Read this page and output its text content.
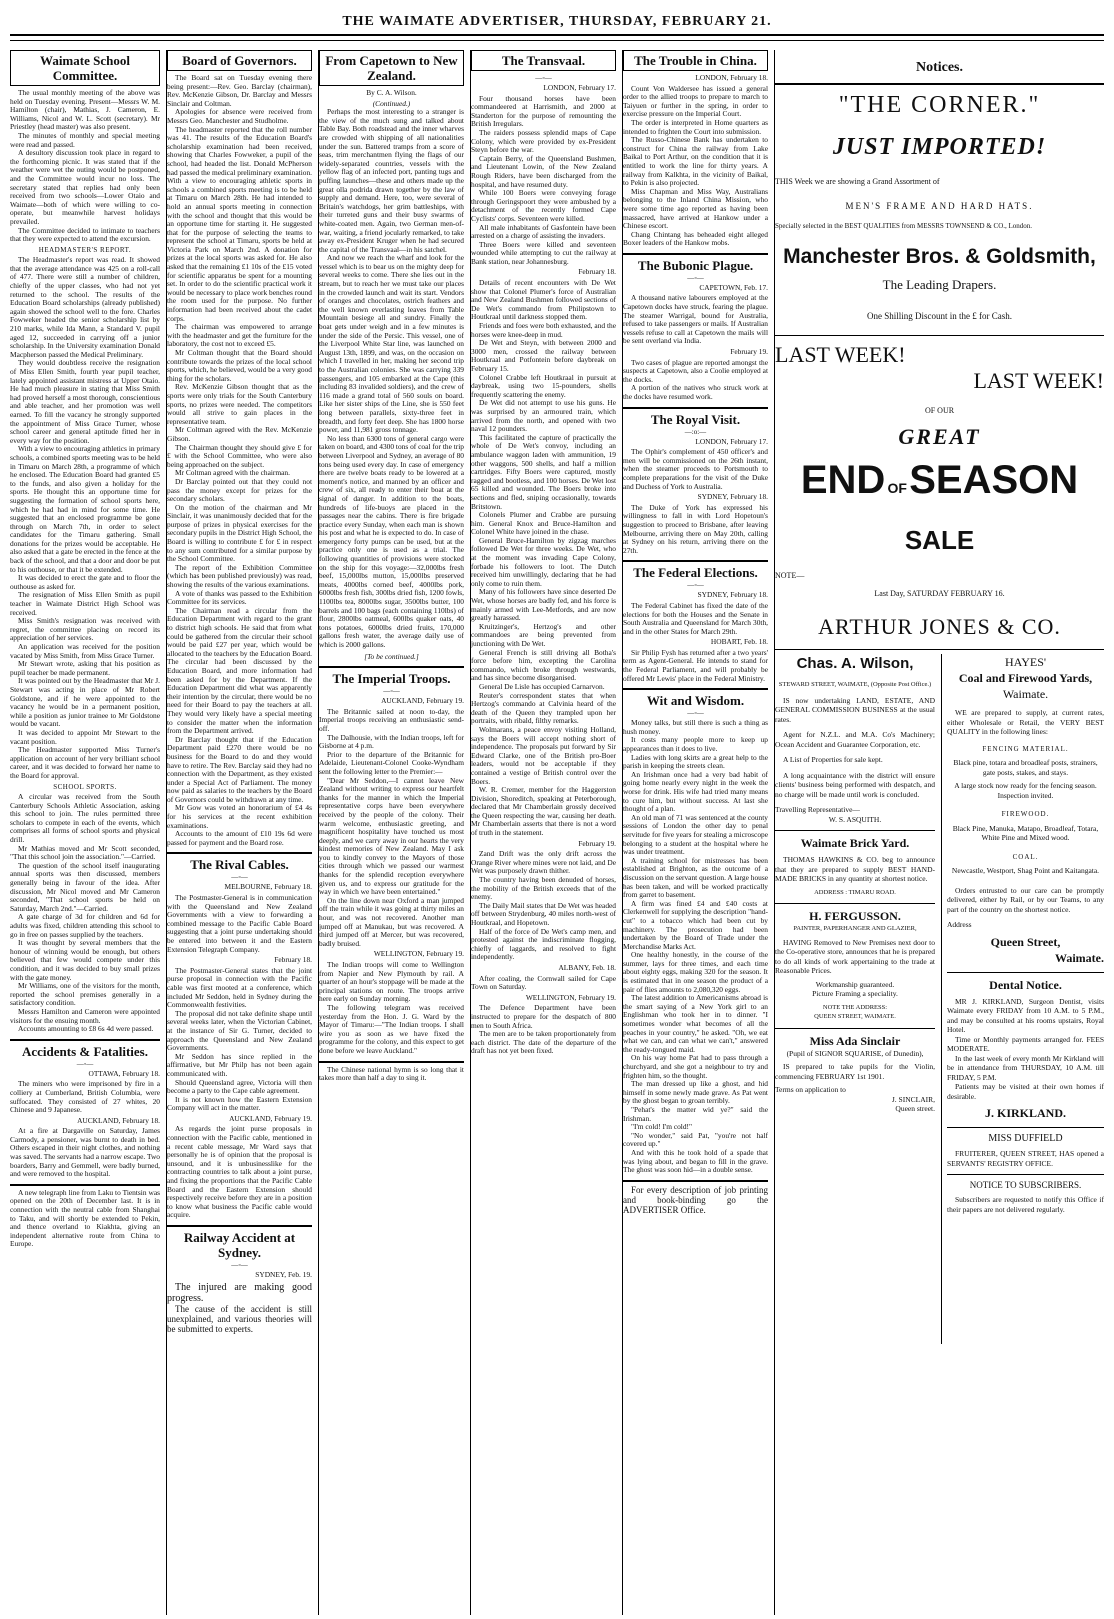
THE WAIMATE ADVERTISER, THURSDAY, FEBRUARY 21.
Waimate School Committee.

The usual monthly meeting of the above was held on Tuesday evening. Present—Messrs W. M. Hamilton (chair), Mathias, J. Cameron, E. Williams, Nicol and W. L. Scott (secretary). Mr Priestley (head master) was also present.

The minutes of monthly and special meeting were read and passed.

A desultory discussion took place in regard to the forthcoming picnic. It was stated that if the weather were wet the outing would be postponed, and the Committee would incur no loss. The secretary stated that replies had only been received from two schools—Lower Otaio and Waimate—both of which were willing to co-operate, but meanwhile harvest holidays prevailed.

The Committee decided to intimate to teachers that they were expected to attend the excursion.

HEADMASTER'S REPORT.

The Headmaster's report was read. It showed that the average attendance was 425 on a roll-call of 477. There were still a number of children, chiefly of the upper classes, who had not yet returned to the school. The results of the Education Board scholarships (already published) again showed the school well to the fore. Charles Fowweker headed the senior scholarship list by 210 marks, while Ida Mann, a Standard V. pupil aged 12, succeeded in carrying off a junior scholarship. In the University examination Donald Macpherson passed the Medical Preliminary.

They would doubtless receive the resignation of Miss Ellen Smith, fourth year pupil teacher, lately appointed assistant mistress at Upper Otaio. He had much pleasure in stating that Miss Smith had proved herself a most thorough, conscientious and able teacher, and her promotion was well earned. To fill the vacancy he strongly supported the appointment of Miss Grace Turner, whose school career and general aptitude fitted her in every way for the position.

With a view to encouraging athletics in primary schools, a combined sports meeting was to be held in Timaru on March 28th, a programme of which he enclosed. The Education Board had granted £5 to the funds, and also given a holiday for the sports. He thought this an opportune time for suggesting the formation of school sports here, which he had had in mind for some time. He suggested that an enclosed programme be gone through on March 7th, in order to select candidates for the Timaru gathering. Small donations for the prizes would be acceptable. He also asked that a gate be erected in the fence at the back of the school, and that a door and door be put to his outhouse, or that it be extended.

It was decided to erect the gate and to floor the outhouse as asked for.

The resignation of Miss Ellen Smith as pupil teacher in Waimate District High School was received.

Miss Smith's resignation was received with regret, the committee placing on record its appreciation of her services.

An application was received for the position vacated by Miss Smith, from Miss Grace Turner.

Mr Stewart wrote, asking that his position as pupil teacher be made permanent.

It was pointed out by the Headmaster that Mr J. Stewart was acting in place of Mr Robert Goldstone, and if he were appointed to the vacancy he would be in a permanent position, while a position as junior trainee to Mr Goldstone would be vacant.

It was decided to appoint Mr Stewart to the vacant position.

The Headmaster supported Miss Turner's application on account of her very brilliant school career, and it was decided to forward her name to the Board for approval.

SCHOOL SPORTS.

A circular was received from the South Canterbury Schools Athletic Association, asking this school to join. The rules permitted three scholars to compete in each of the events, which comprises all forms of school sports and physical drill.

Mr Mathias moved and Mr Scott seconded, "That this school join the association."—Carried.

The question of the school itself inaugurating annual sports was then discussed, members generally being in favour of the idea. After discussion, Mr Nicol moved and Mr Cameron seconded, "That school sports be held on Saturday, March 2nd."—Carried.

A gate charge of 3d for children and 6d for adults was fixed, children attending this school to go in free on passes supplied by the teachers.

It was thought by several members that the honour of winning would be enough, but others believed that few would compete under this condition, and it was decided to buy small prizes with the gate money.

Mr Williams, one of the visitors for the month, reported the school premises generally in a satisfactory condition.

Messrs Hamilton and Cameron were appointed visitors for the ensuing month.

Accounts amounting to £8 6s 4d were passed.

Accidents & Fatalities.
—◦—
OTTAWA, February 18.

The miners who were imprisoned by fire in a colliery at Cumberland, British Columbia, were suffocated. They consisted of 27 whites, 20 Chinese and 9 Japanese.

AUCKLAND, February 18.

At a fire at Dargaville on Saturday, James Carmody, a pensioner, was burnt to death in bed. Others escaped in their night clothes, and nothing was saved. The servants had a narrow escape. Two boarders, Barry and Gemmell, were badly burned, and were removed to the hospital.

A new telegraph line from Laku to Tientsin was opened on the 20th of December last. It is in connection with the neutral cable from Shanghai to Taku, and will shortly be extended to Pekin, and thence overland to Kiakhta, giving an independent alternative route from China to Europe.

Board of Governors.

The Board sat on Tuesday evening there being present:—Rev. Geo. Barclay (chairman), Rev. McKenzie Gibson, Dr. Barclay and Messrs Sinclair and Coltman.

Apologies for absence were received from Messrs Geo. Manchester and Studholme.

The headmaster reported that the roll number was 41. The results of the Education Board's scholarship examination had been received, showing that Charles Fowweker, a pupil of the school, had headed the list. Donald McPherson had passed the medical preliminary examination. With a view to encouraging athletic sports in schools a combined sports meeting is to be held at Timaru on March 28th. He had intended to hold an annual sports meeting in connection with the school and thought that this would be an opportune time for starting it. He suggested that for the purpose of selecting the teams to represent the school at Timaru, sports be held at Victoria Park on March 2nd. A donation for prizes at the local sports was asked for. He also asked that the remaining £1 10s of the £15 voted for scientific apparatus be spent for a mounting set. In order to do the scientific practical work it would be necessary to place work benches round the room used for the purpose. No further information had been received about the cadet corps.

The chairman was empowered to arrange with the headmaster and get the furniture for the laboratory, the cost not to exceed £5.

Mr Coltman thought that the Board should contribute towards the prizes of the local school sports, which, he believed, would be a very good thing for the scholars.

Rev. McKenzie Gibson thought that as the sports were only trials for the South Canterbury sports, no prizes were needed. The competitors would all strive to gain places in the representative team.

Mr Coltman agreed with the Rev. McKenzie Gibson.

The Chairman thought they should give £ for £ with the School Committee, who were also being approached on the subject.

Mr Coltman agreed with the chairman.

Dr Barclay pointed out that they could not pass the money except for prizes for the secondary scholars.

On the motion of the chairman and Mr Sinclair, it was unanimously decided that for the purpose of prizes in physical exercises for the secondary pupils in the District High School, the Board is willing to contribute £ for £ in respect to any sum contributed for a similar purpose by the School Committee.

The report of the Exhibition Committee (which has been published previously) was read, showing the results of the various examinations.

A vote of thanks was passed to the Exhibition Committee for its services.

The Chairman read a circular from the Education Department with regard to the grant to district high schools. He said that from what could be gathered from the circular their school would be paid £27 per year, which would be allocated to the teachers by the Education Board. The circular had been discussed by the Education Board, and more information had been asked for by the Department. If the Education Department did what was apparently their intention by the circular, there would be no need for their Board to pay the teachers at all. They would very likely have a special meeting to consider the matter when the information from the Department arrived.

Dr Barclay thought that if the Education Department paid £270 there would be no business for the Board to do and they would have to retire. The Rev. Barclay said they had no connection with the Department, as they existed under a Special Act of Parliament. The money now paid as salaries to the teachers by the Board of Governors could be withdrawn at any time.

Mr Gow was voted an honorarium of £4 4s for his services at the recent exhibition examinations.

Accounts to the amount of £10 19s 6d were passed for payment and the Board rose.

The Rival Cables.
—◦—
MELBOURNE, February 18.

The Postmaster-General is in communication with the Queensland and New Zealand Governments with a view to forwarding a combined message to the Pacific Cable Board suggesting that a joint purse undertaking should be entered into between it and the Eastern Extension Telegraph Company.

February 18.

The Postmaster-General states that the joint purse proposal in connection with the Pacific cable was first mooted at a conference, which included Mr Seddon, held in Sydney during the Commonwealth festivities.

The proposal did not take definite shape until several weeks later, when the Victorian Cabinet, at the instance of Sir G. Turner, decided to approach the Queensland and New Zealand Governments.

Mr Seddon has since replied in the affirmative, but Mr Philp has not been again communicated with.

Should Queensland agree, Victoria will then become a party to the Cape cable agreement.

It is not known how the Eastern Extension Company will act in the matter.

AUCKLAND, February 19.

As regards the joint purse proposals in connection with the Pacific cable, mentioned in a recent cable message, Mr Ward says that personally he is of opinion that the proposal is unsound, and it is unbusinesslike for the contracting countries to talk about a joint purse, and fixing the proportions that the Pacific Cable Board and the Eastern Extension should respectively receive before they are in a position to know what business the Pacific cable would acquire.

Railway Accident at Sydney.
—◦—
SYDNEY, Feb. 19.

The injured are making good progress.

The cause of the accident is still unexplained, and various theories will be submitted to experts.

From Capetown to New Zealand.
By C. A. Wilson.
(Continued.)

Perhaps the most interesting to a stranger is the view of the much sung and talked about Table Bay. Both roadstead and the inner wharves are crowded with shipping of all nationalities under the sun. Battered tramps from a score of seas, trim merchantmen flying the flags of our widely-separated countries, vessels with the yellow flag of an infected port, panting tugs and puffing launches—these and others made up the great olla podrida drawn together by the law of supply and demand. Here, too, were several of Britain's watchdogs, her grim battleships, with their turreted guns and their busy swarms of white-coated men. Again, two German men-of-war, waiting, a friend jocularly remarked, to take away ex-President Kruger when he had secured the capital of the Transvaal—in his satchel.

And now we reach the wharf and look for the vessel which is to bear us on the mighty deep for several weeks to come. There she lies out in the stream, but to reach her we must take our places in the crowded launch and wait its start. Vendors of oranges and chocolates, ostrich feathers and the well known everlasting leaves from Table Mountain besiege all and sundry. Finally the boat gets under weigh and in a few minutes is under the side of the Persic. This vessel, one of the Liverpool White Star line, was launched on August 13th, 1899, and was, on the occasion on which I travelled in her, making her second trip to the Australian colonies. She was carrying 339 passengers, and 105 embarked at the Cape (this including 83 invalided soldiers), and the crew of 116 made a grand total of 560 souls on board. Like her sister ships of the Line, she is 550 feet long between parallels, sixty-three feet in breadth, and forty feet deep. She has 1800 horse power, and 11,981 gross tonnage.

No less than 6300 tons of general cargo were taken on board, and 4300 tons of coal for the trip between Liverpool and Sydney, an average of 80 tons being used every day. In case of emergency there are twelve boats ready to be lowered at a moment's notice, and manned by an officer and crew of six, all ready to enter their boat at the signal of danger. In addition to the boats, hundreds of life-buoys are placed in the passages near the cabins. There is fire brigade practice every Sunday, when each man is shown his post and what he is expected to do. In case of emergency forty pumps can be used, but at the practice only one is used as a trial. The following quantities of provisions were stocked on the ship for this voyage:—32,000lbs fresh beef, 15,000lbs mutton, 15,000lbs preserved meats, 4000lbs corned beef, 4000lbs pork, 6000lbs fresh fish, 300lbs dried fish, 1200 fowls, 1100lbs tea, 8000lbs sugar, 3500lbs butter, 100 barrels and 100 bags (each containing 110lbs) of flour, 2800lbs oatmeal, 600lbs quaker oats, 40 tons potatoes, 6000lbs dried fruits, 170,000 gallons fresh water, the average daily use of which is 2000 gallons.

[To be continued.]
The Imperial Troops.
—◦—
AUCKLAND, February 19.

The Britannic sailed at noon to-day, the Imperial troops receiving an enthusiastic send-off.

The Dalhousie, with the Indian troops, left for Gisborne at 4 p.m.

Prior to the departure of the Britannic for Adelaide, Lieutenant-Colonel Cooke-Wyndham sent the following letter to the Premier:—

"Dear Mr Seddon,—I cannot leave New Zealand without writing to express our heartfelt thanks for the manner in which the Imperial representative corps have been everywhere received by the people of the colony. Their warm welcome, enthusiastic greeting, and magnificent hospitality have touched us most deeply, and we carry away in our hearts the very kindest memories of New Zealand. May I ask you to kindly convey to the Mayors of those cities through which we passed our warmest thanks for the splendid reception everywhere given us, and to express our gratitude for the way in which we have been entertained."

On the line down near Oxford a man jumped off the train while it was going at thirty miles an hour, and was not recovered. Another man jumped off at Manukau, but was recovered. A third jumped off at Mercer, but was recovered, badly bruised.

WELLINGTON, February 19.

The Indian troops will come to Wellington from Napier and New Plymouth by rail. A quarter of an hour's stoppage will be made at the principal stations on route. The troops arrive here early on Sunday morning.

The following telegram was received yesterday from the Hon. J. G. Ward by the Mayor of Timaru:—"The Indian troops. I shall wire you as soon as we have fixed the programme for the colony, and this expect to get done before we leave Auckland."

The Chinese national hymn is so long that it takes more than half a day to sing it.

The Transvaal.
—◦—
LONDON, February 17.

Four thousand horses have been commandeered at Harrismith, and 2000 at Standerton for the purpose of remounting the British Irregulars.

The raiders possess splendid maps of Cape Colony, which were provided by ex-President Steyn before the war.

Captain Berry, of the Queensland Bushmen, and Lieutenant Lowin, of the New Zealand Rough Riders, have been discharged from the hospital, and have resumed duty.

While 100 Boers were conveying forage through Geringspoort they were ambushed by a detachment of the recently formed Cape Cyclists' corps. Seventeen were killed.

All male inhabitants of Gasfontein have been arrested on a charge of assisting the invaders.

Three Boers were killed and seventeen wounded while attempting to cut the railway at Bank station, near Johannesburg.

February 18.

Details of recent encounters with De Wet show that Colonel Plumer's force of Australian and New Zealand Bushmen followed sections of De Wet's commando from Philipstown to Houtkraal until darkness stopped them.

Friends and foes were both exhausted, and the horses were knee-deep in mud.

De Wet and Steyn, with between 2000 and 3000 men, crossed the railway between Houtkraal and Potfontein before daybreak on February 15.

Colonel Crabbe left Houtkraal in pursuit at daybreak, using two 15-pounders, shells frequently scattering the enemy.

De Wet did not attempt to use his guns. He was surprised by an armoured train, which arrived from the north, and opened with two naval 12 pounders.

This facilitated the capture of practically the whole of De Wet's convoy, including an ambulance waggon laden with ammunition, 19 other waggons, 500 shells, and half a million cartridges. Fifty Boers were captured, mostly ragged and bootless, and 100 horses. De Wet lost 65 killed and wounded. The Boers broke into sections and fled, sniping occasionally, towards Britstown.

Colonels Plumer and Crabbe are pursuing him. General Knox and Bruce-Hamilton and Colonel White have joined in the chase.

General Bruce-Hamilton by zigzag marches followed De Wet for three weeks. De Wet, who at the moment was invading Cape Colony, forbade his followers to loot. The Dutch received him unwillingly, declaring that he had only come to ruin them.

Many of his followers have since deserted De Wet, whose horses are badly fed, and his force is mainly armed with Lee-Metfords, and are now greatly harassed.

Kruitzinger's, Hertzog's and other commandoes are being prevented from junctioning with De Wet.

General French is still driving all Botha's force before him, excepting the Carolina commando, which broke through westwards, and has since become disorganised.

General De Lisle has occupied Carnarvon.

Reuter's correspondent states that when Hertzog's commando at Calvinia heard of the death of the Queen they trampled upon her portraits, with ribald, filthy remarks.

Wolmarans, a peace envoy visiting Holland, says the Boers will accept nothing short of independence. The proposals put forward by Sir Edward Clarke, one of the British pro-Boer leaders, would not be acceptable if they contained a vestige of British control over the Boers.

W. R. Cremer, member for the Haggerston Division, Shoreditch, speaking at Peterborough, declared that Mr Chamberlain grossly deceived the Queen respecting the war, causing her death. Mr Chamberlain asserts that there is not a word of truth in the statement.

February 19.

Zand Drift was the only drift across the Orange River where mines were not laid, and De Wet was purposely drawn thither.

The country having been denuded of horses, the mobility of the British exceeds that of the enemy.

The Daily Mail states that De Wet was headed off between Strydenburg, 40 miles north-west of Houtkraal, and Hopetown.

Half of the force of De Wet's camp men, and protested against the indiscriminate flogging, chiefly of laggards, and resolved to fight independently.

ALBANY, Feb. 18.

After coaling, the Cornwall sailed for Cape Town on Saturday.

WELLINGTON, February 19.

The Defence Department have been instructed to prepare for the despatch of 800 men to South Africa.

The men are to be taken proportionately from each district. The date of the departure of the draft has not yet been fixed.

The Trouble in China.
LONDON, February 18.

Count Von Waldersee has issued a general order to the allied troops to prepare to march to Taiyuen or further in the spring, in order to exercise pressure on the Imperial Court.

The order is interpreted in Home quarters as intended to frighten the Court into submission.

The Russo-Chinese Bank has undertaken to construct for China the railway from Lake Baikal to Port Arthur, on the condition that it is entitled to work the line for thirty years. A railway from Kalkhta, in the vicinity of Baikal, to Pekin is also projected.

Miss Chapman and Miss Way, Australians belonging to the Inland China Mission, who were some time ago reported as having been massacred, have arrived at Hankow under a Chinese escort.

Chang Chintang has beheaded eight alleged Boxer leaders of the Hankow mobs.

The Bubonic Plague.
—◦—
CAPETOWN, Feb. 17.

A thousand native labourers employed at the Capetown docks have struck, fearing the plague. The steamer Warrigal, bound for Australia, refused to take passengers or mails. If Australian vessels refuse to call at Capetown the mails will be sent overland via India.

February 19.

Two cases of plague are reported amongst the suspects at Capetown, also a Coolie employed at the docks.

A portion of the natives who struck work at the docks have resumed work.

The Royal Visit.
—:o:—
LONDON, February 17.

The Ophir's complement of 450 officer's and men will be commissioned on the 26th instant, when the steamer proceeds to Portsmouth to complete preparations for the visit of the Duke and Duchess of York to Australia.

SYDNEY, February 18.

The Duke of York has expressed his willingness to fall in with Lord Hopetoun's suggestion to proceed to Brisbane, after leaving Melbourne, arriving there on May 20th, calling at Sydney on his return, arriving there on the 27th.

The Federal Elections.
—◦—
SYDNEY, February 18.

The Federal Cabinet has fixed the date of the elections for both the Houses and the Senate in South Australia and Queensland for March 30th, and in the other States for March 29th.

HOBART, Feb. 18.

Sir Philip Fysh has returned after a two years' term as Agent-General. He intends to stand for the Federal Parliament, and will probably be offered Mr Lewis' place in the Federal Ministry.

Wit and Wisdom.
—◦—

Money talks, but still there is such a thing as hush money.

It costs many people more to keep up appearances than it does to live.

Ladies with long skirts are a great help to the parish in keeping the streets clean.

An Irishman once had a very bad habit of going home nearly every night in the week the worse for drink. His wife had tried many means to cure him, but without success. At last she thought of a plan.

An old man of 71 was sentenced at the county sessions of London the other day to penal servitude for five years for stealing a microscope belonging to a student at the hospital where he was under treatment.

A training school for mistresses has been established at Brighton, as the outcome of a discussion on the servant question. A large house has been taken, and will be worked practically from garret to basement.

A firm was fined £4 and £40 costs at Clerkenwell for supplying the description "hand-cut" to a tobacco which had been cut by machinery. The prosecution had been undertaken by the Board of Trade under the Merchandise Marks Act.

One healthy honestly, in the course of the summer, lays for three times, and each time about eighty eggs, making 320 for the season. It is estimated that in one season the product of a pair of flies amounts to 2,080,320 eggs.

The latest addition to Americanisms abroad is the smart saying of a New York girl to an Englishman who took her in to dinner. "I sometimes wonder what becomes of all the peaches in your country," he asked. "Oh, we eat what we can, and can what we can't," answered the ready-tongued maid.

On his way home Pat had to pass through a churchyard, and she got a neighbour to try and frighten him, so the thought.

The man dressed up like a ghost, and hid himself in some newly made grave. As Pat went by the ghost began to groan terribly.

"Pehat's the matter wid ye?" said the Irishman.

"I'm cold! I'm cold!"

"No wonder," said Pat, "you're not half covered up."

And with this he took hold of a spade that was lying about, and began to fill in the grave. The ghost was soon hid—in a double sense.

For every description of job printing and book-binding go the ADVERTISER Office.

Notices.
"THE CORNER."
JUST IMPORTED!
THIS Week we are showing a Grand Assortment of
MEN'S FRAME AND HARD HATS.
Specially selected in the BEST QUALITIES from MESSRS TOWNSEND & CO., London.
Manchester Bros. & Goldsmith,
The Leading Drapers.
One Shilling Discount in the £ for Cash.
LAST WEEK!
LAST WEEK!
OF OUR
GREAT
END OF SEASON
SALE
NOTE—
Last Day, SATURDAY FEBRUARY 16.
ARTHUR JONES & CO.
Chas. A. Wilson,
STEWARD STREET, WAIMATE, (Opposite Post Office.)

IS now undertaking LAND, ESTATE, AND GENERAL COMMISSION BUSINESS at the usual rates.

Agent for N.Z.L. and M.A. Co's Machinery; Ocean Accident and Guarantee Corporation, etc.

A List of Properties for sale kept.

A long acquaintance with the district will ensure clients' business being performed with despatch, and no charge will be made until work is concluded.

Travelling Representative—
W. S. ASQUITH.
Waimate Brick Yard.

THOMAS HAWKINS & CO. beg to announce that they are prepared to supply BEST HAND-MADE BRICKS in any quantity at shortest notice.

ADDRESS : TIMARU ROAD.
H. FERGUSSON.
PAINTER, PAPERHANGER AND GLAZIER,

HAVING Removed to New Premises next door to the Co-operative store, announces that he is prepared to do all kinds of work appertaining to the trade at Reasonable Prices.

Workmanship guaranteed.
Picture Framing a speciality.
NOTE THE ADDRESS:
QUEEN STREET, WAIMATE.
Miss Ada Sinclair
(Pupil of SIGNOR SQUARISE, of Dunedin),

IS prepared to take pupils for the Violin, commencing FEBRUARY 1st 1901.

Terms on application to
J. SINCLAIR,
Queen street.
HAYES'
Coal and Firewood Yards,
Waimate.

WE are prepared to supply, at current rates, either Wholesale or Retail, the VERY BEST QUALITY in the following lines:

FENCING MATERIAL.
Black pine, totara and broadleaf posts, strainers, gate posts, stakes, and stays.
A large stock now ready for the fencing season. Inspection invited.
FIREWOOD.
Black Pine, Manuka, Matapo, Broadleaf, Totara, White Pine and Mixed wood.
COAL.
Newcastle, Westport, Shag Point and Kaitangata.

Orders entrusted to our care can be promptly delivered, either by Rail, or by our Teams, to any part of the country on the shortest notice.

Address
Queen Street,
Waimate.
Dental Notice.

MR J. KIRKLAND, Surgeon Dentist, visits Waimate every FRIDAY from 10 A.M. to 5 P.M., and may be consulted at his rooms upstairs, Royal Hotel.

Time or Monthly payments arranged for. FEES MODERATE.

In the last week of every month Mr Kirkland will be in attendance from THURSDAY, 10 A.M. till FRIDAY, 5 P.M.

Patients may be visited at their own homes if desirable.

J. KIRKLAND.
MISS DUFFIELD

FRUITERER, QUEEN STREET, HAS opened a SERVANTS' REGISTRY OFFICE.

NOTICE TO SUBSCRIBERS.

Subscribers are requested to notify this Office if their papers are not delivered regularly.
